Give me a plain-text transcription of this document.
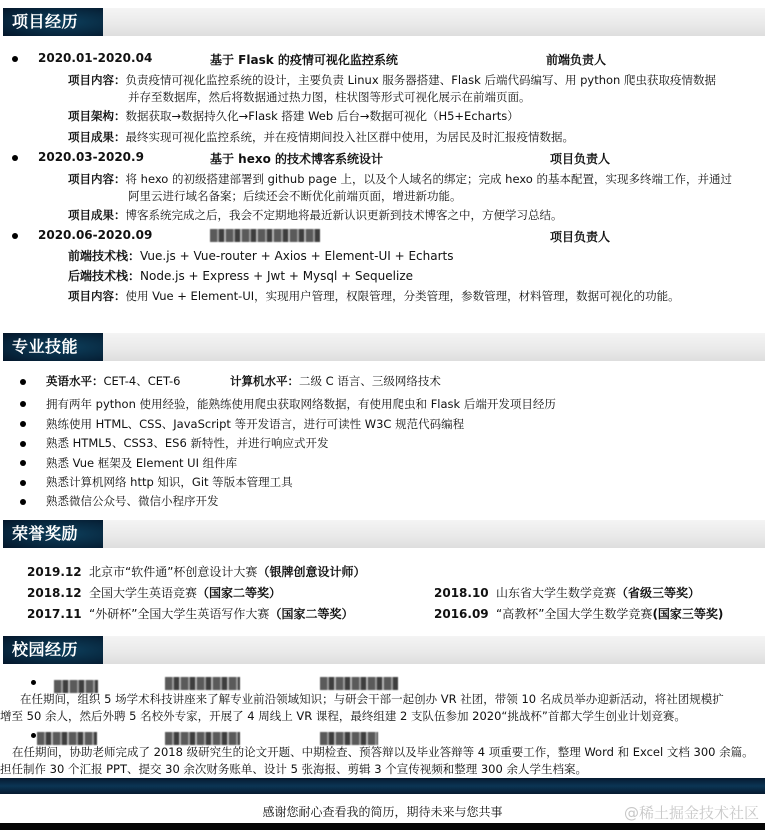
项目经历
2020.01-2020.04	基于 Flask 的疫情可视化监控系统	前端负责人
项目内容：负责疫情可视化监控系统的设计，主要负责 Linux 服务器搭建、Flask 后端代码编写、用 python 爬虫获取疫情数据
并存至数据库，然后将数据通过热力图，柱状图等形式可视化展示在前端页面。
项目架构：数据获取→数据持久化→Flask 搭建 Web 后台→数据可视化（H5+Echarts）
项目成果：最终实现可视化监控系统，并在疫情期间投入社区群中使用，为居民及时汇报疫情数据。
2020.03-2020.9	基于 hexo 的技术博客系统设计	项目负责人
项目内容：将 hexo 的初级搭建部署到 github page 上，以及个人域名的绑定；完成 hexo 的基本配置，实现多终端工作，并通过
阿里云进行域名备案；后续还会不断优化前端页面，增进新功能。
项目成果：博客系统完成之后，我会不定期地将最近新认识更新到技术博客之中，方便学习总结。
2020.06-2020.09	项目负责人
前端技术栈：Vue.js + Vue-router + Axios + Element-UI + Echarts
后端技术栈：Node.js + Express + Jwt + Mysql + Sequelize
项目内容：使用 Vue + Element-UI，实现用户管理，权限管理，分类管理，参数管理，材料管理，数据可视化的功能。
专业技能
英语水平：CET-4、CET-6	计算机水平：二级 C 语言、三级网络技术
拥有两年 python 使用经验，能熟练使用爬虫获取网络数据，有使用爬虫和 Flask 后端开发项目经历
熟练使用 HTML、CSS、JavaScript 等开发语言，进行可读性 W3C 规范代码编程
熟悉 HTML5、CSS3、ES6 新特性，并进行响应式开发
熟悉 Vue 框架及 Element UI 组件库
熟悉计算机网络 http 知识，Git 等版本管理工具
熟悉微信公众号、微信小程序开发
荣誉奖励
2019.12 北京市“软件通”杯创意设计大赛（银牌创意设计师）
2018.12 全国大学生英语竞赛（国家二等奖）	2018.10 山东省大学生数学竞赛（省级三等奖）
2017.11 “外研杯”全国大学生英语写作大赛（国家二等奖）	2016.09 “高教杯”全国大学生数学竞赛(国家三等奖)
校园经历
在任期间，组织 5 场学术科技讲座来了解专业前沿领域知识；与研会干部一起创办 VR 社团，带领 10 名成员举办迎新活动，将社团规模扩
增至 50 余人，然后外聘 5 名校外专家，开展了 4 周线上 VR 课程，最终组建 2 支队伍参加 2020“挑战杯”首都大学生创业计划竞赛。
在任期间，协助老师完成了 2018 级研究生的论文开题、中期检查、预答辩以及毕业答辩等 4 项重要工作，整理 Word 和 Excel 文档 300 余篇。
担任制作 30 个汇报 PPT、提交 30 余次财务账单、设计 5 张海报、剪辑 3 个宣传视频和整理 300 余人学生档案。
感谢您耐心查看我的简历，期待未来与您共事	@稀土掘金技术社区
